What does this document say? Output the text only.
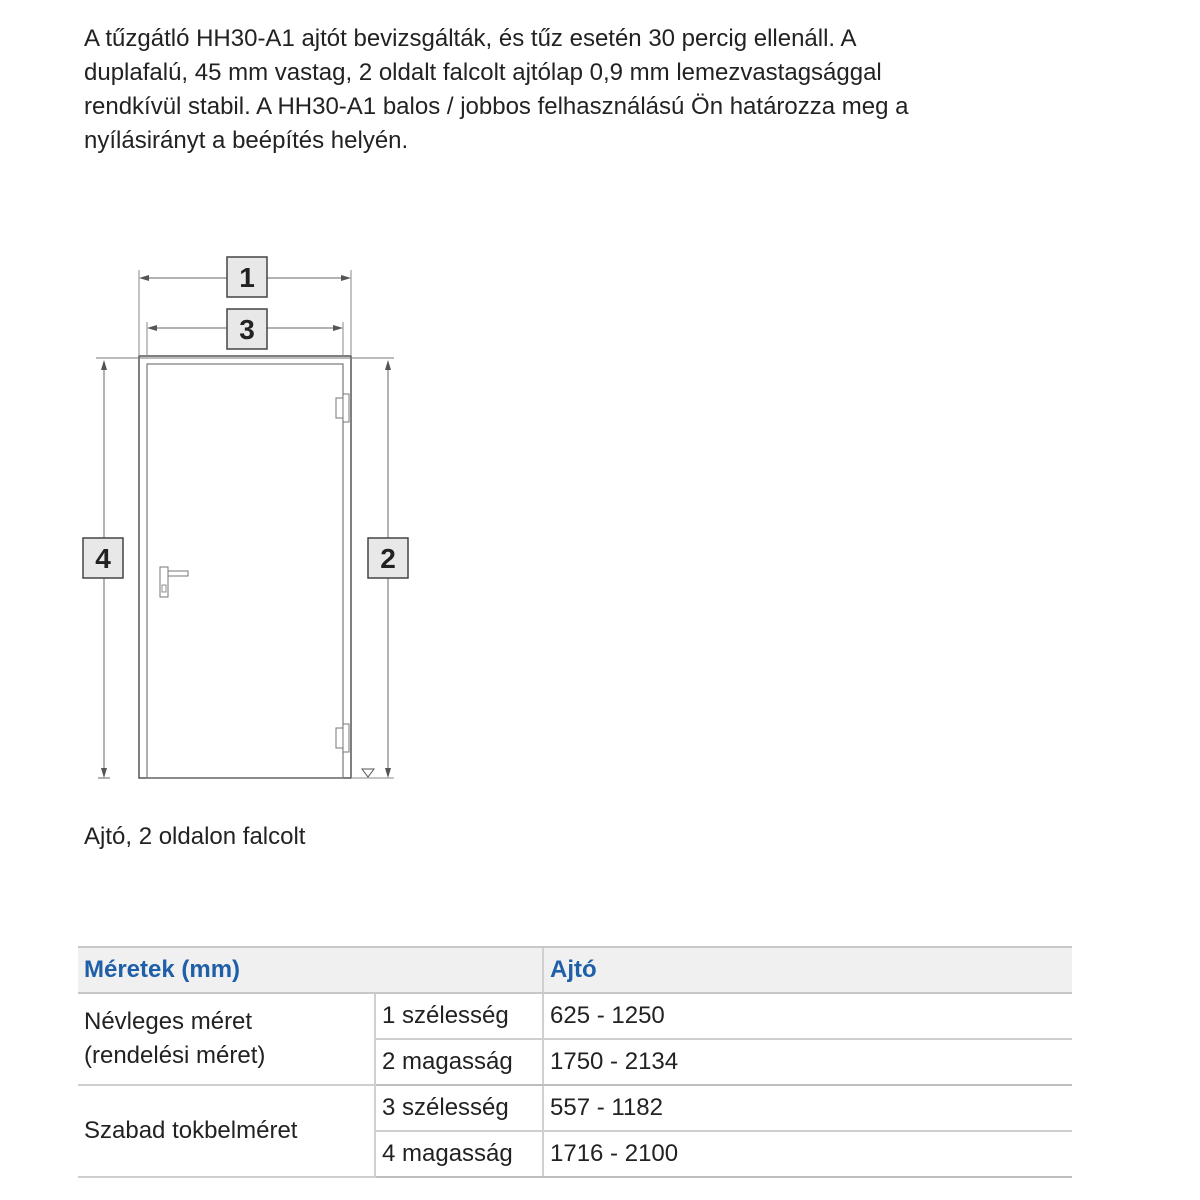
A tűzgátló HH30-A1 ajtót bevizsgálták, és tűz esetén 30 percig ellenáll. A
duplafalú, 45 mm vastag, 2 oldalt falcolt ajtólap 0,9 mm lemezvastagsággal
rendkívül stabil. A HH30-A1 balos / jobbos felhasználású Ön határozza meg a
nyílásirányt a beépítés helyén.
1
3
4	2

Ajtó, 2 oldalon falcolt

Méretek (mm)		Ajtó

Névleges méret
(rendelési méret)	1 szélesség	625 - 1250
	2 magasság	1750 - 2134

Szabad tokbelméret	3 szélesség	557 - 1182
	4 magasság	1716 - 2100
